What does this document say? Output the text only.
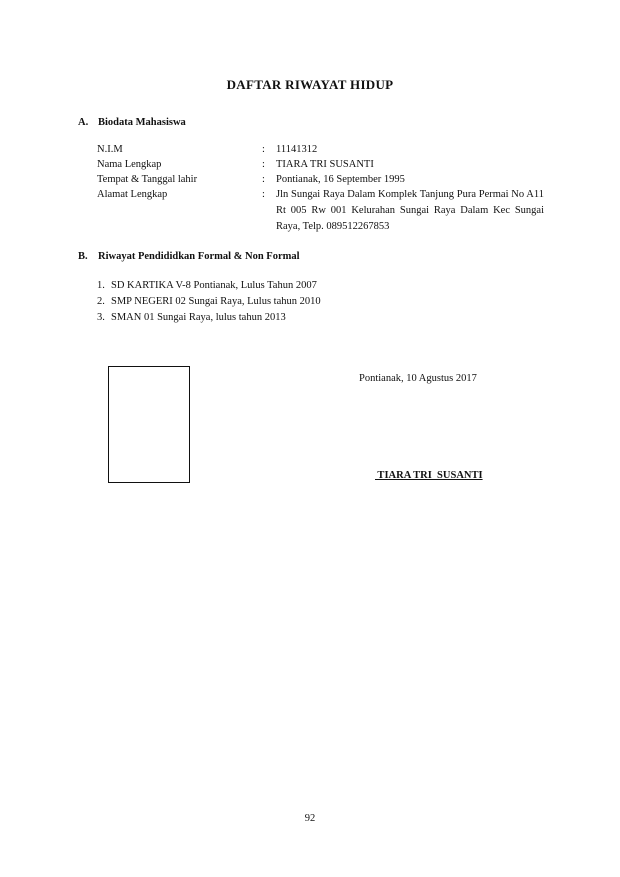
DAFTAR RIWAYAT HIDUP
A. Biodata Mahasiswa
N.I.M	: 11141312
Nama Lengkap	: TIARA TRI SUSANTI
Tempat & Tanggal lahir	: Pontianak, 16 September 1995
Alamat Lengkap	: Jln Sungai Raya Dalam Komplek Tanjung Pura Permai No A11 Rt 005 Rw 001 Kelurahan Sungai Raya Dalam Kec Sungai Raya, Telp. 089512267853
B. Riwayat Pendididkan Formal & Non Formal
1. SD KARTIKA V-8 Pontianak, Lulus Tahun 2007
2. SMP NEGERI 02 Sungai Raya, Lulus tahun 2010
3. SMAN 01 Sungai Raya, lulus tahun 2013
Pontianak, 10 Agustus 2017
TIARA TRI  SUSANTI
92
